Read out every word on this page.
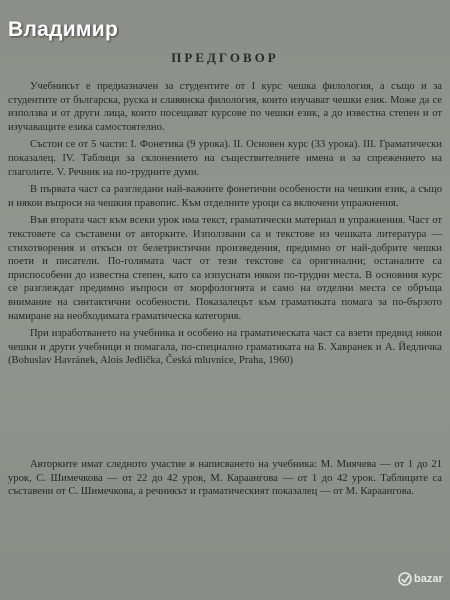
Владимир
ПРЕДГОВОР

Учебникът е предназначен за студентите от I курс чешка филология, а също и за студентите от българска, руска и славянска филология, които изучават чешки език. Може да се използва и от други лица, които посещават курсове по чешки език, а до известна степен и от изучаващите езика самостоятелно.

Състои се от 5 части: I. Фонетика (9 урока). II. Основен курс (33 урока). III. Граматически показалец. IV. Таблици за склонението на съществителните имена и за спрежението на глаголите. V. Речник на по-трудните думи.

В първата част са разгледани най-важните фонетични особености на чешкия език, а също и някои въпроси на чешкия правопис. Към отделните уроци са включени упражнения.

Във втората част към всеки урок има текст, граматически материал и упражнения. Част от текстовете са съставени от авторките. Използвани са и текстове из чешката литература — стихотворения и откъси от белетристични произведения, предимно от най-добрите чешки поети и писатели. По-голямата част от тези текстове са оригинални; останалите са приспособени до известна степен, като са изпуснати някои по-трудни места. В основния курс се разглеждат предимно въпроси от морфологията и само на отделни места се обръща внимание на синтактични особености. Показалецът към граматиката помага за по-бързото намиране на необходимата граматическа категория.

При изработването на учебника и особено на граматическата част са взети предвид някои чешки и други учебници и помагала, по-специално граматиката на Б. Хавранек и А. Йедличка (Bohuslav Havránek, Alois Jedlička, Česká mluvnice, Praha, 1960)

Авторките имат следното участие в написването на учебника: М. Миячева — от 1 до 21 урок, С. Шимечкова — от 22 до 42 урок, М. Караангова — от 1 до 42 урок. Таблиците са съставени от С. Шимечкова, а речникът и граматическият показалец — от М. Караангова.

bazar
